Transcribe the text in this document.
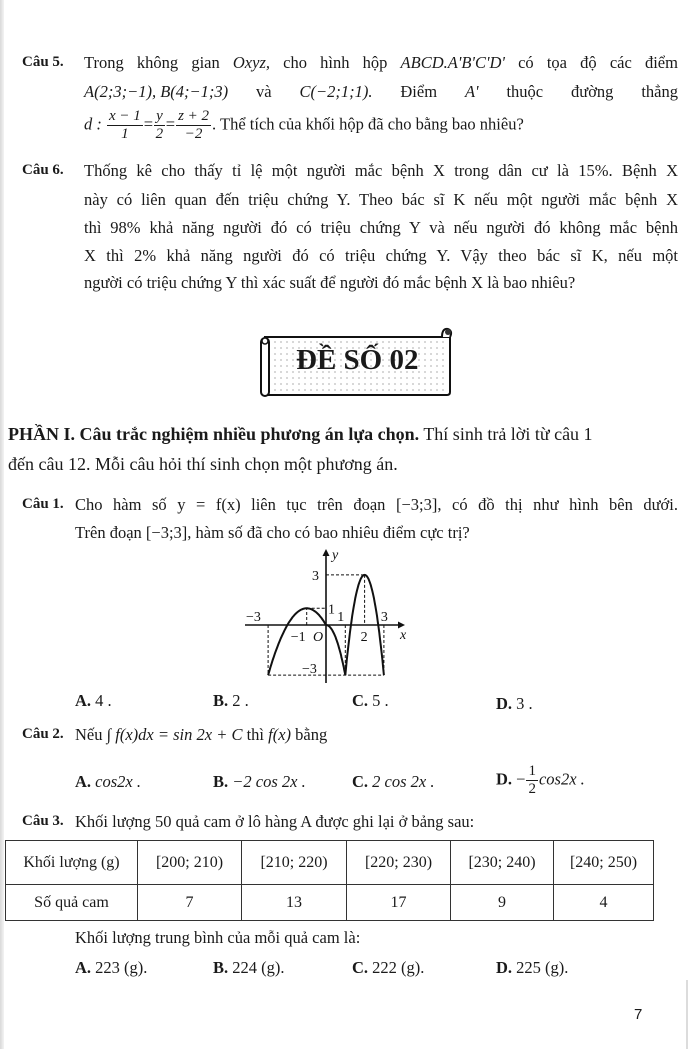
Câu 5. Trong không gian Oxyz, cho hình hộp ABCD.A'B'C'D' có tọa độ các điểm
A(2;3;−1), B(4;−1;3) và C(−2;1;1). Điểm A' thuộc đường thẳng
d : $\frac{x - 1}{1} = \frac{y}{2} = \frac{z + 2}{-2}$ . Thể tích của khối hộp đã cho bằng bao nhiêu?
Câu 6. Thống kê cho thấy tỉ lệ một người mắc bệnh X trong dân cư là 15%. Bệnh X
này có liên quan đến triệu chứng Y. Theo bác sĩ K nếu một người mắc bệnh X
thì 98% khả năng người đó có triệu chứng Y và nếu người đó không mắc bệnh
X thì 2% khả năng người đó có triệu chứng Y. Vậy theo bác sĩ K, nếu một
người có triệu chứng Y thì xác suất để người đó mắc bệnh X là bao nhiêu?
ĐỀ SỐ 02
PHẦN I. Câu trắc nghiệm nhiều phương án lựa chọn. Thí sinh trả lời từ câu 1
đến câu 12. Mỗi câu hỏi thí sinh chọn một phương án.
Câu 1. Cho hàm số y = f(x) liên tục trên đoạn [−3;3], có đồ thị như hình bên dưới.
Trên đoạn [−3;3], hàm số đã cho có bao nhiêu điểm cực trị?
−3
−1 O
1
2
3
x
y
3
1
−3
A. 4 .	B. 2 .	C. 5 .	D. 3 .
Câu 2. Nếu ∫ f(x)dx = sin 2x + C thì f(x) bằng
A. cos2x .	B. −2 cos 2x .	C. 2 cos 2x .	D. − $\frac{1}{2} \cos 2x$ .
Câu 3. Khối lượng 50 quả cam ở lô hàng A được ghi lại ở bảng sau:
Khối lượng (g)	[200; 210)	[210; 220)	[220; 230)	[230; 240)	[240; 250)
Số quả cam	7	13	17	9	4
Khối lượng trung bình của mỗi quả cam là:
A. 223 (g).	B. 224 (g).	C. 222 (g).	D. 225 (g).
7
